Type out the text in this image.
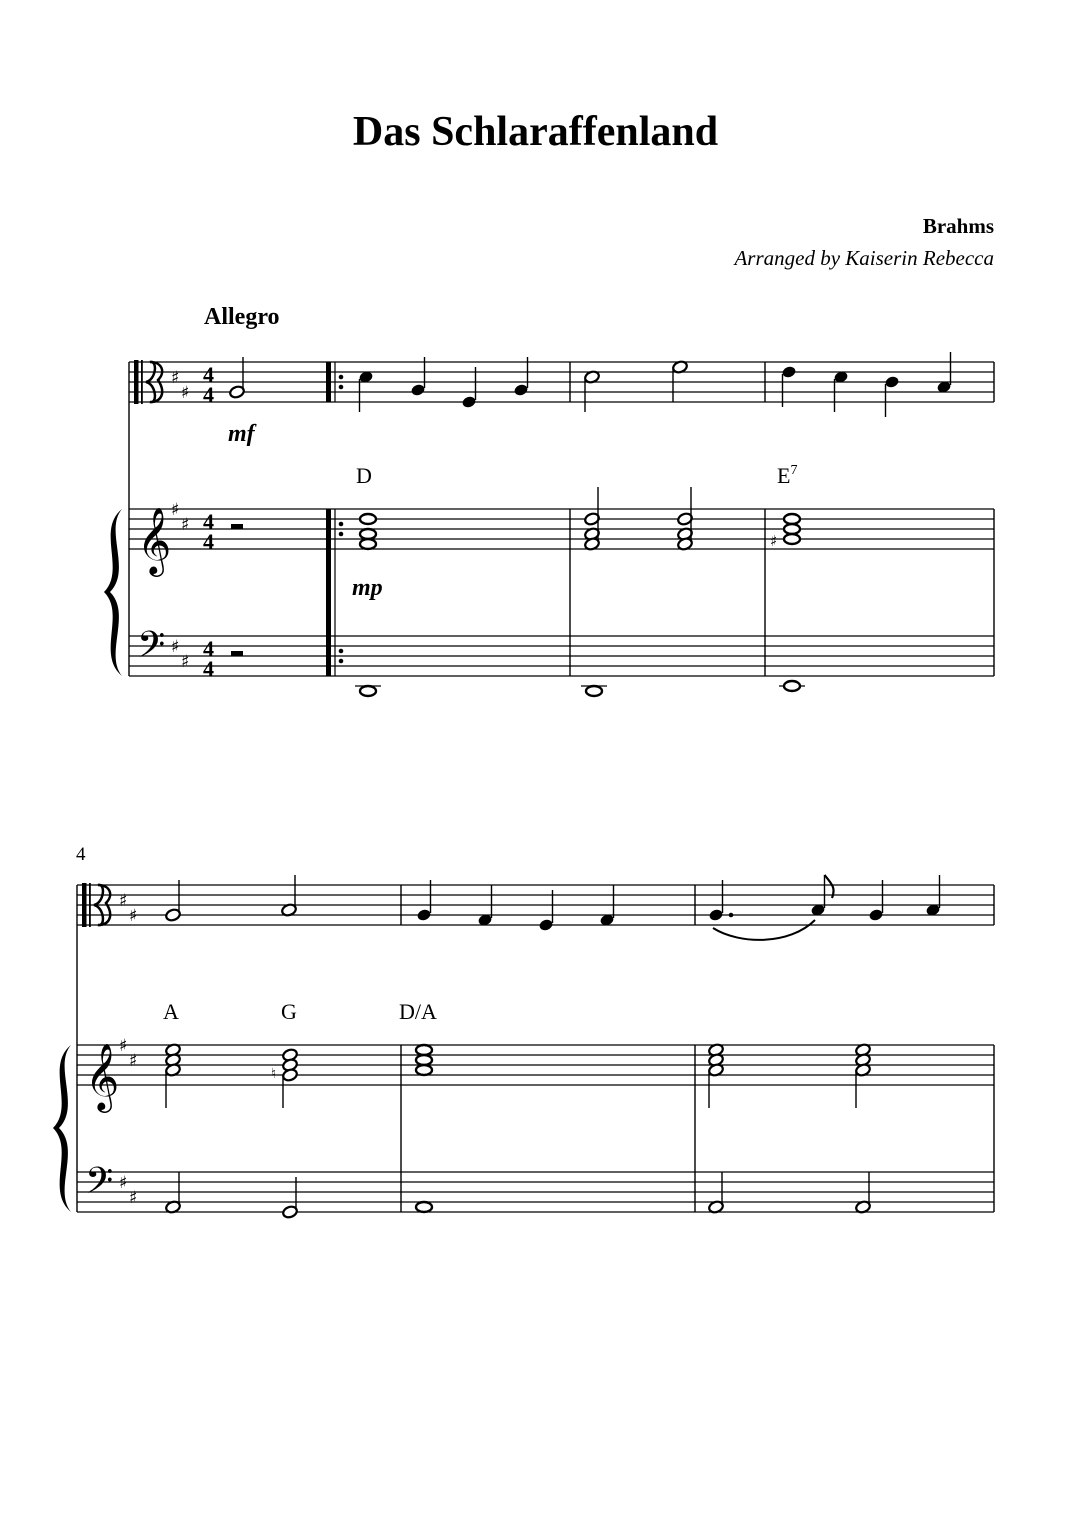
Das Schlaraffenland
Brahms
Arranged by Kaiserin Rebecca
Allegro
𝄞
𝄢
♯
♯
♯
♯
♯
♯
4
4
4
4
4
4
mf
mp
D	$E^7$
♯
4
𝄞
𝄢
♯
♯
♯
♯
♯
♯
A	G	D/A
♮
